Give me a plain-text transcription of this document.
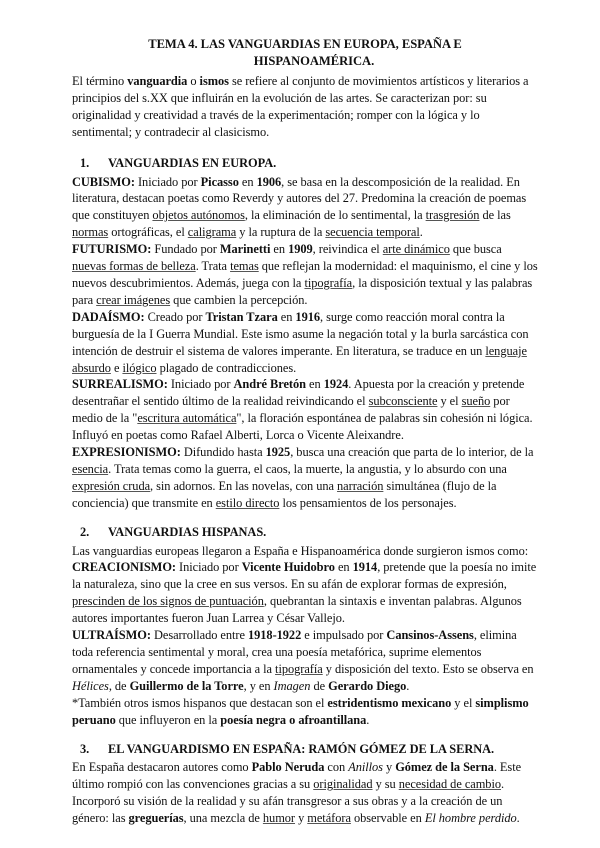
TEMA 4. LAS VANGUARDIAS EN EUROPA, ESPAÑA E
HISPANOAMÉRICA.

El término vanguardia o ismos se refiere al conjunto de movimientos artísticos y literarios a principios del s.XX que influirán en la evolución de las artes. Se caracterizan por: su originalidad y creatividad a través de la experimentación; romper con la lógica y lo sentimental; y contradecir al clasicismo.

1.	VANGUARDIAS EN EUROPA.

CUBISMO: Iniciado por Picasso en 1906, se basa en la descomposición de la realidad. En literatura, destacan poetas como Reverdy y autores del 27. Predomina la creación de poemas que constituyen objetos autónomos, la eliminación de lo sentimental, la trasgresión de las normas ortográficas, el caligrama y la ruptura de la secuencia temporal.

FUTURISMO: Fundado por Marinetti en 1909, reivindica el arte dinámico que busca nuevas formas de belleza. Trata temas que reflejan la modernidad: el maquinismo, el cine y los nuevos descubrimientos. Además, juega con la tipografía, la disposición textual y las palabras para crear imágenes que cambien la percepción.

DADAÍSMO: Creado por Tristan Tzara en 1916, surge como reacción moral contra la burguesía de la I Guerra Mundial. Este ismo asume la negación total y la burla sarcástica con intención de destruir el sistema de valores imperante. En literatura, se traduce en un lenguaje absurdo e ilógico plagado de contradicciones.

SURREALISMO: Iniciado por André Bretón en 1924. Apuesta por la creación y pretende desentrañar el sentido último de la realidad reivindicando el subconsciente y el sueño por medio de la "escritura automática", la floración espontánea de palabras sin cohesión ni lógica. Influyó en poetas como Rafael Alberti, Lorca o Vicente Aleixandre.

EXPRESIONISMO: Difundido hasta 1925, busca una creación que parta de lo interior, de la esencia. Trata temas como la guerra, el caos, la muerte, la angustia, y lo absurdo con una expresión cruda, sin adornos. En las novelas, con una narración simultánea (flujo de la conciencia) que transmite en estilo directo los pensamientos de los personajes.

2.	VANGUARDIAS HISPANAS.

Las vanguardias europeas llegaron a España e Hispanoamérica donde surgieron ismos como:

CREACIONISMO: Iniciado por Vicente Huidobro en 1914, pretende que la poesía no imite la naturaleza, sino que la cree en sus versos. En su afán de explorar formas de expresión, prescinden de los signos de puntuación, quebrantan la sintaxis e inventan palabras. Algunos autores importantes fueron Juan Larrea y César Vallejo.

ULTRAÍSMO: Desarrollado entre 1918-1922 e impulsado por Cansinos-Assens, elimina toda referencia sentimental y moral, crea una poesía metafórica, suprime elementos ornamentales y concede importancia a la tipografía y disposición del texto. Esto se observa en Hélices, de Guillermo de la Torre, y en Imagen de Gerardo Diego.

*También otros ismos hispanos que destacan son el estridentismo mexicano y el simplismo peruano que influyeron en la poesía negra o afroantillana.

3.	EL VANGUARDISMO EN ESPAÑA: RAMÓN GÓMEZ DE LA SERNA.

En España destacaron autores como Pablo Neruda con Anillos y Gómez de la Serna. Este último rompió con las convenciones gracias a su originalidad y su necesidad de cambio. Incorporó su visión de la realidad y su afán transgresor a sus obras y a la creación de un género: las greguerías, una mezcla de humor y metáfora observable en El hombre perdido.
